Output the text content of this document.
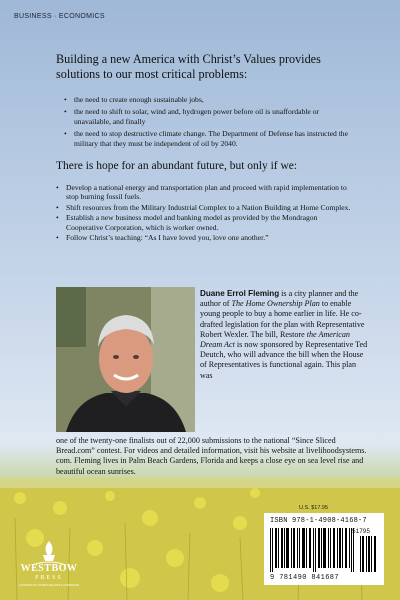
BUSINESS · ECONOMICS
Building a new America with Christ’s Values provides solutions to our most critical problems:
• the need to create enough sustainable jobs,
• the need to shift to solar, wind and, hydrogen power before oil is unaffordable or unavailable, and finally
• the need to stop destructive climate change. The Department of Defense has instructed the military that they must be independent of oil by 2040.
There is hope for an abundant future, but only if we:
• Develop a national energy and transportation plan and proceed with rapid implementation to stop burning fossil fuels.
• Shift resources from the Military Industrial Complex to a Nation Building at Home Complex.
• Establish a new business model and banking model as provided by the Mondragon Cooperative Corporation, which is worker owned.
• Follow Christ’s teaching: “As I have loved you, love one another.”
Duane Errol Fleming is a city planner and the author of The Home Ownership Plan to enable young people to buy a home earlier in life. He co-drafted legislation for the plan with Representative Robert Wexler. The bill, Restore the American Dream Act is now sponsored by Representative Ted Deutch, who will advance the bill when the House of Representatives is functional again. This plan was
one of the twenty-one finalists out of 22,000 submissions to the national “Since Sliced Bread.com” contest. For videos and detailed information, visit his website at livelihoodsystems. com. Fleming lives in Palm Beach Gardens, Florida and keeps a close eye on sea level rise and beautiful ocean sunrises.
U.S. $17.95
ISBN 978-1-4908-4168-7
9 781490 841687
51795
WESTBOW
PRESS
A DIVISION OF THOMAS NELSON & ZONDERVAN
